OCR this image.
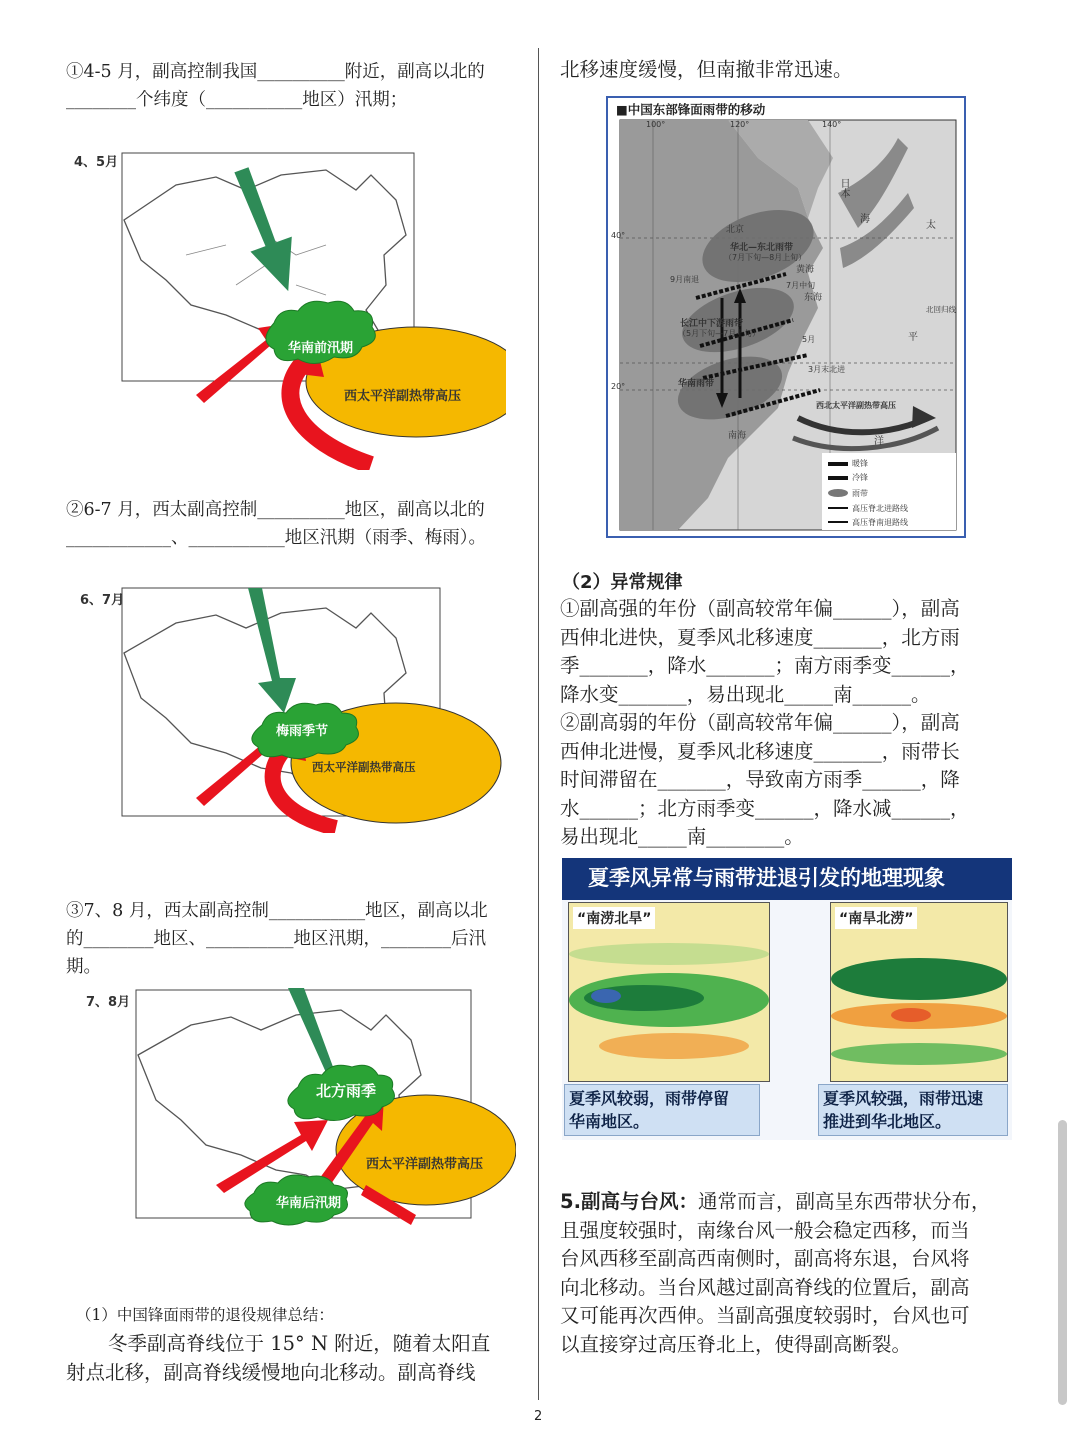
①4-5 月，副高控制我国__________附近，副高以北的
________个纬度（___________地区）汛期；
4、5月
华南前汛期
西太平洋副热带高压
②6-7 月，西太副高控制__________地区，副高以北的
____________、___________地区汛期（雨季、梅雨）。
6、7月
梅雨季节
西太平洋副热带高压
③7、8 月，西太副高控制___________地区，副高以北
的________地区、__________地区汛期，________后汛
期。
7、8月
北方雨季
华南后汛期
西太平洋副热带高压
（1）中国锋面雨带的退役规律总结：
冬季副高脊线位于 15° N 附近，随着太阳直
射点北移，副高脊线缓慢地向北移动。副高脊线
北移速度缓慢，但南撤非常迅速。
■中国东部锋面雨带的移动
100°	120°	140°
40°
20°
北京
华北—东北雨带
（7月下旬—8月上旬）
黄海
东海
日本
海
太
平
洋
北回归线
9月南退
7月中旬
长江中下游雨带
（5月下旬—7月上旬）
5月
华南雨带
3月末北进
南海
西北太平洋副热带高压
暖锋
冷锋
雨带
高压脊北进路线
高压脊南退路线
（2）异常规律
①副高强的年份（副高较常年偏______），副高
西伸北进快，夏季风北移速度_______，北方雨
季_______，降水_______；南方雨季变______，
降水变_______，易出现北_____南______。
②副高弱的年份（副高较常年偏______），副高
西伸北进慢，夏季风北移速度_______，雨带长
时间滞留在_______，导致南方雨季______，降
水______；北方雨季变______，降水减______，
易出现北_____南________。
夏季风异常与雨带进退引发的地理现象
“南涝北旱”	“南旱北涝”
夏季风较弱，雨带停留
华南地区。
夏季风较强，雨带迅速
推进到华北地区。
5.副高与台风：通常而言，副高呈东西带状分布，
且强度较强时，南缘台风一般会稳定西移，而当
台风西移至副高西南侧时，副高将东退，台风将
向北移动。当台风越过副高脊线的位置后，副高
又可能再次西伸。当副高强度较弱时，台风也可
以直接穿过高压脊北上，使得副高断裂。
2
